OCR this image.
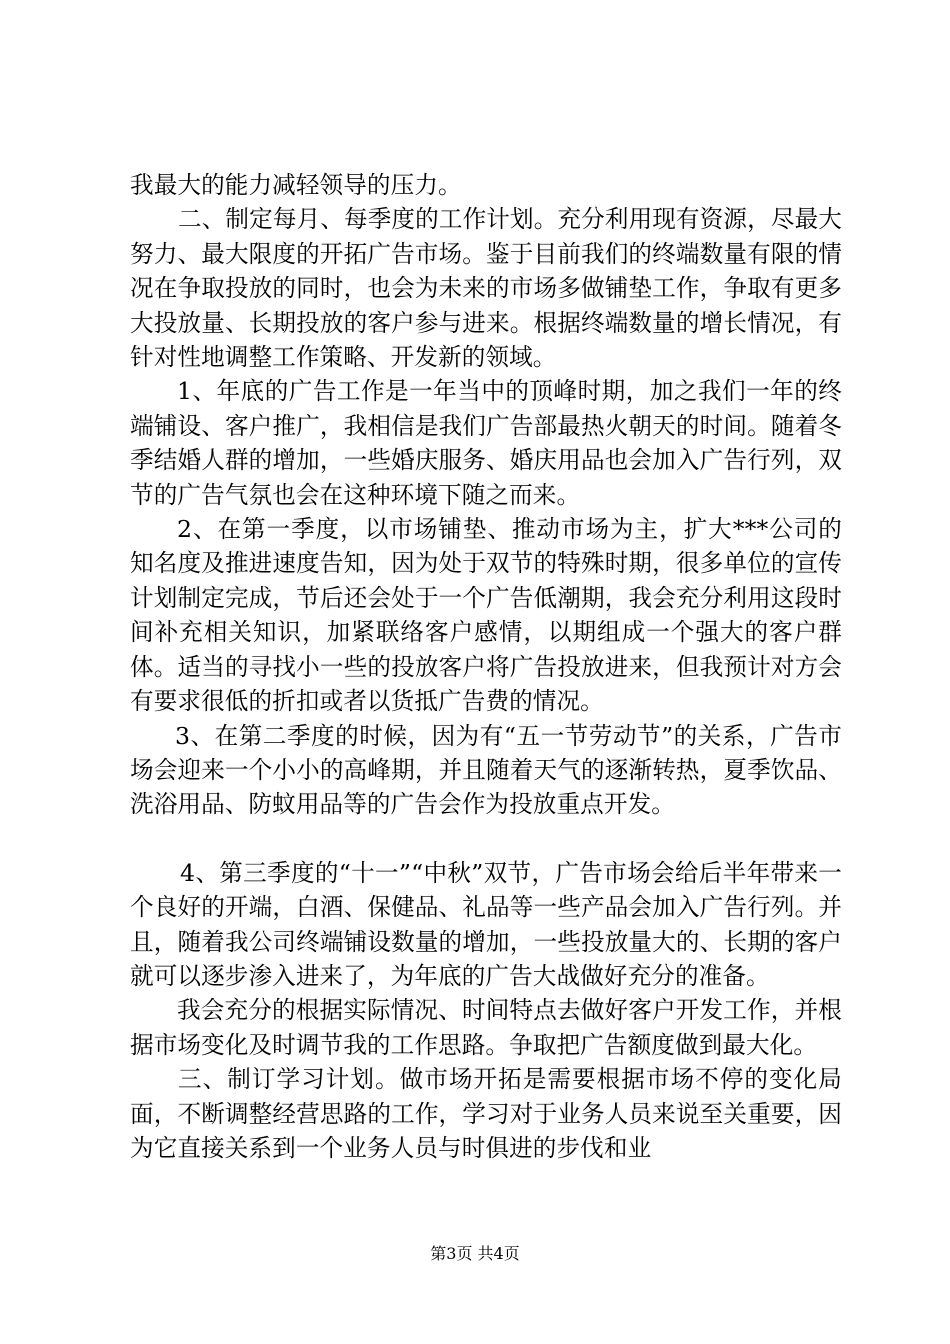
我最大的能力减轻领导的压力。

二、制定每月、每季度的工作计划。充分利用现有资源，尽最大努力、最大限度的开拓广告市场。鉴于目前我们的终端数量有限的情况在争取投放的同时，也会为未来的市场多做铺垫工作，争取有更多大投放量、长期投放的客户参与进来。根据终端数量的增长情况，有针对性地调整工作策略、开发新的领域。

1、年底的广告工作是一年当中的顶峰时期，加之我们一年的终端铺设、客户推广，我相信是我们广告部最热火朝天的时间。随着冬季结婚人群的增加，一些婚庆服务、婚庆用品也会加入广告行列，双节的广告气氛也会在这种环境下随之而来。

2、在第一季度，以市场铺垫、推动市场为主，扩大***公司的知名度及推进速度告知，因为处于双节的特殊时期，很多单位的宣传计划制定完成，节后还会处于一个广告低潮期，我会充分利用这段时间补充相关知识，加紧联络客户感情，以期组成一个强大的客户群体。适当的寻找小一些的投放客户将广告投放进来，但我预计对方会有要求很低的折扣或者以货抵广告费的情况。

3、在第二季度的时候，因为有“五一节劳动节”的关系，广告市场会迎来一个小小的高峰期，并且随着天气的逐渐转热，夏季饮品、洗浴用品、防蚊用品等的广告会作为投放重点开发。

4、第三季度的“十一”“中秋”双节，广告市场会给后半年带来一个良好的开端，白酒、保健品、礼品等一些产品会加入广告行列。并且，随着我公司终端铺设数量的增加，一些投放量大的、长期的客户就可以逐步渗入进来了，为年底的广告大战做好充分的准备。

我会充分的根据实际情况、时间特点去做好客户开发工作，并根据市场变化及时调节我的工作思路。争取把广告额度做到最大化。

三、制订学习计划。做市场开拓是需要根据市场不停的变化局面，不断调整经营思路的工作，学习对于业务人员来说至关重要，因为它直接关系到一个业务人员与时俱进的步伐和业

第3页 共4页
